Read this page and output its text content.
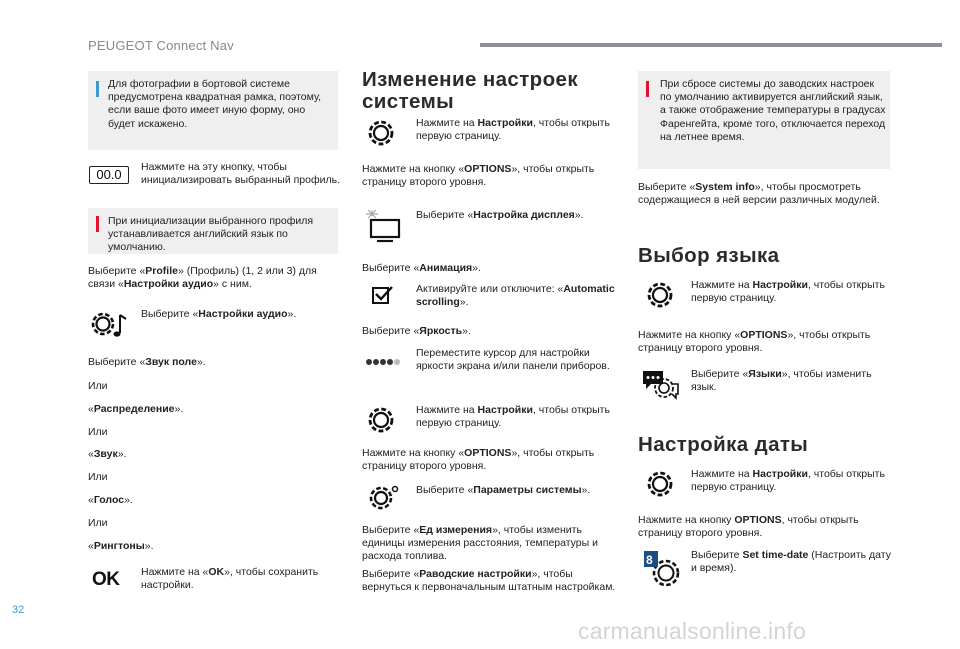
PEUGEOT Connect Nav
Для фотографии в бортовой системе предусмотрена квадратная рамка, поэтому, если ваше фото имеет иную форму, оно будет искажено.
00.0	Нажмите на эту кнопку, чтобы инициализировать выбранный профиль.
При инициализации выбранного профиля устанавливается английский язык по умолчанию.
Выберите «Profile» (Профиль) (1, 2 или 3) для связи «Настройки аудио» с ним.
Выберите «Настройки аудио».
Выберите «Звук поле».
Или
«Распределение».
Или
«Звук».
Или
«Голос».
Или
«Рингтоны».
OK Нажмите на «OK», чтобы сохранить настройки.
Изменение настроек системы
Нажмите на Настройки, чтобы открыть первую страницу.
Нажмите на кнопку «OPTIONS», чтобы открыть страницу второго уровня.
Выберите «Настройка дисплея».
Выберите «Анимация».
Активируйте или отключите: «Automatic scrolling».
Выберите «Яркость».
Переместите курсор для настройки яркости экрана и/или панели приборов.
Нажмите на Настройки, чтобы открыть первую страницу.
Нажмите на кнопку «OPTIONS», чтобы открыть страницу второго уровня.
Выберите «Параметры системы».
Выберите «Ед измерения», чтобы изменить единицы измерения расстояния, температуры и расхода топлива.
Выберите «Раводские настройки», чтобы вернуться к первоначальным штатным настройкам.
При сбросе системы до заводских настроек по умолчанию активируется английский язык, а также отображение температуры в градусах Фаренгейта, кроме того, отключается переход на летнее время.
Выберите «System info», чтобы просмотреть содержащиеся в ней версии различных модулей.
Выбор языка
Нажмите на Настройки, чтобы открыть первую страницу.
Нажмите на кнопку «OPTIONS», чтобы открыть страницу второго уровня.
Выберите «Языки», чтобы изменить язык.
Настройка даты
Нажмите на Настройки, чтобы открыть первую страницу.
Нажмите на кнопку OPTIONS, чтобы открыть страницу второго уровня.
8	Выберите Set time-date (Настроить дату и время).
32
carmanualsonline.info
